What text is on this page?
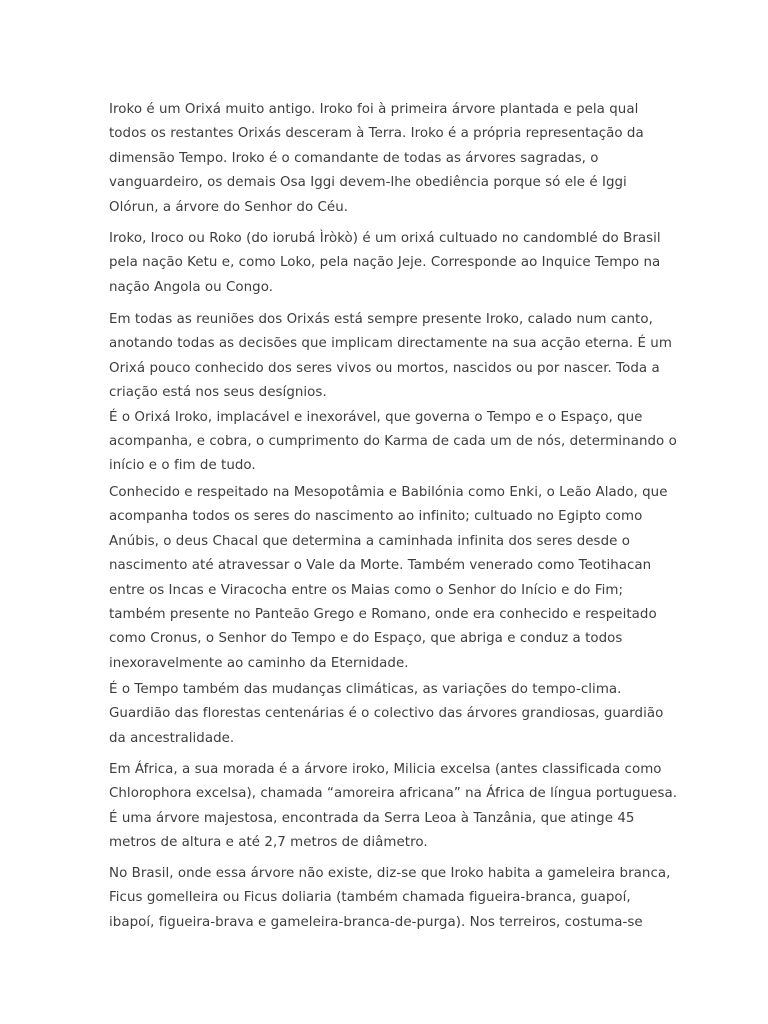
Iroko é um Orixá muito antigo. Iroko foi à primeira árvore plantada e pela qual
todos os restantes Orixás desceram à Terra. Iroko é a própria representação da
dimensão Tempo. Iroko é o comandante de todas as árvores sagradas, o
vanguardeiro, os demais Osa Iggi devem-lhe obediência porque só ele é Iggi
Olórun, a árvore do Senhor do Céu.

Iroko, Iroco ou Roko (do iorubá Ìròkò) é um orixá cultuado no candomblé do Brasil
pela nação Ketu e, como Loko, pela nação Jeje. Corresponde ao Inquice Tempo na
nação Angola ou Congo.

Em todas as reuniões dos Orixás está sempre presente Iroko, calado num canto,
anotando todas as decisões que implicam directamente na sua acção eterna. É um
Orixá pouco conhecido dos seres vivos ou mortos, nascidos ou por nascer. Toda a
criação está nos seus desígnios.
É o Orixá Iroko, implacável e inexorável, que governa o Tempo e o Espaço, que
acompanha, e cobra, o cumprimento do Karma de cada um de nós, determinando o
início e o fim de tudo.

Conhecido e respeitado na Mesopotâmia e Babilónia como Enki, o Leão Alado, que
acompanha todos os seres do nascimento ao infinito; cultuado no Egipto como
Anúbis, o deus Chacal que determina a caminhada infinita dos seres desde o
nascimento até atravessar o Vale da Morte. Também venerado como Teotihacan
entre os Incas e Viracocha entre os Maias como o Senhor do Início e do Fim;
também presente no Panteão Grego e Romano, onde era conhecido e respeitado
como Cronus, o Senhor do Tempo e do Espaço, que abriga e conduz a todos
inexoravelmente ao caminho da Eternidade.

É o Tempo também das mudanças climáticas, as variações do tempo-clima.
Guardião das florestas centenárias é o colectivo das árvores grandiosas, guardião
da ancestralidade.

Em África, a sua morada é a árvore iroko, Milicia excelsa (antes classificada como
Chlorophora excelsa), chamada “amoreira africana” na África de língua portuguesa.
É uma árvore majestosa, encontrada da Serra Leoa à Tanzânia, que atinge 45
metros de altura e até 2,7 metros de diâmetro.

No Brasil, onde essa árvore não existe, diz-se que Iroko habita a gameleira branca,
Ficus gomelleira ou Ficus doliaria (também chamada figueira-branca, guapoí,
ibapoí, figueira-brava e gameleira-branca-de-purga). Nos terreiros, costuma-se
